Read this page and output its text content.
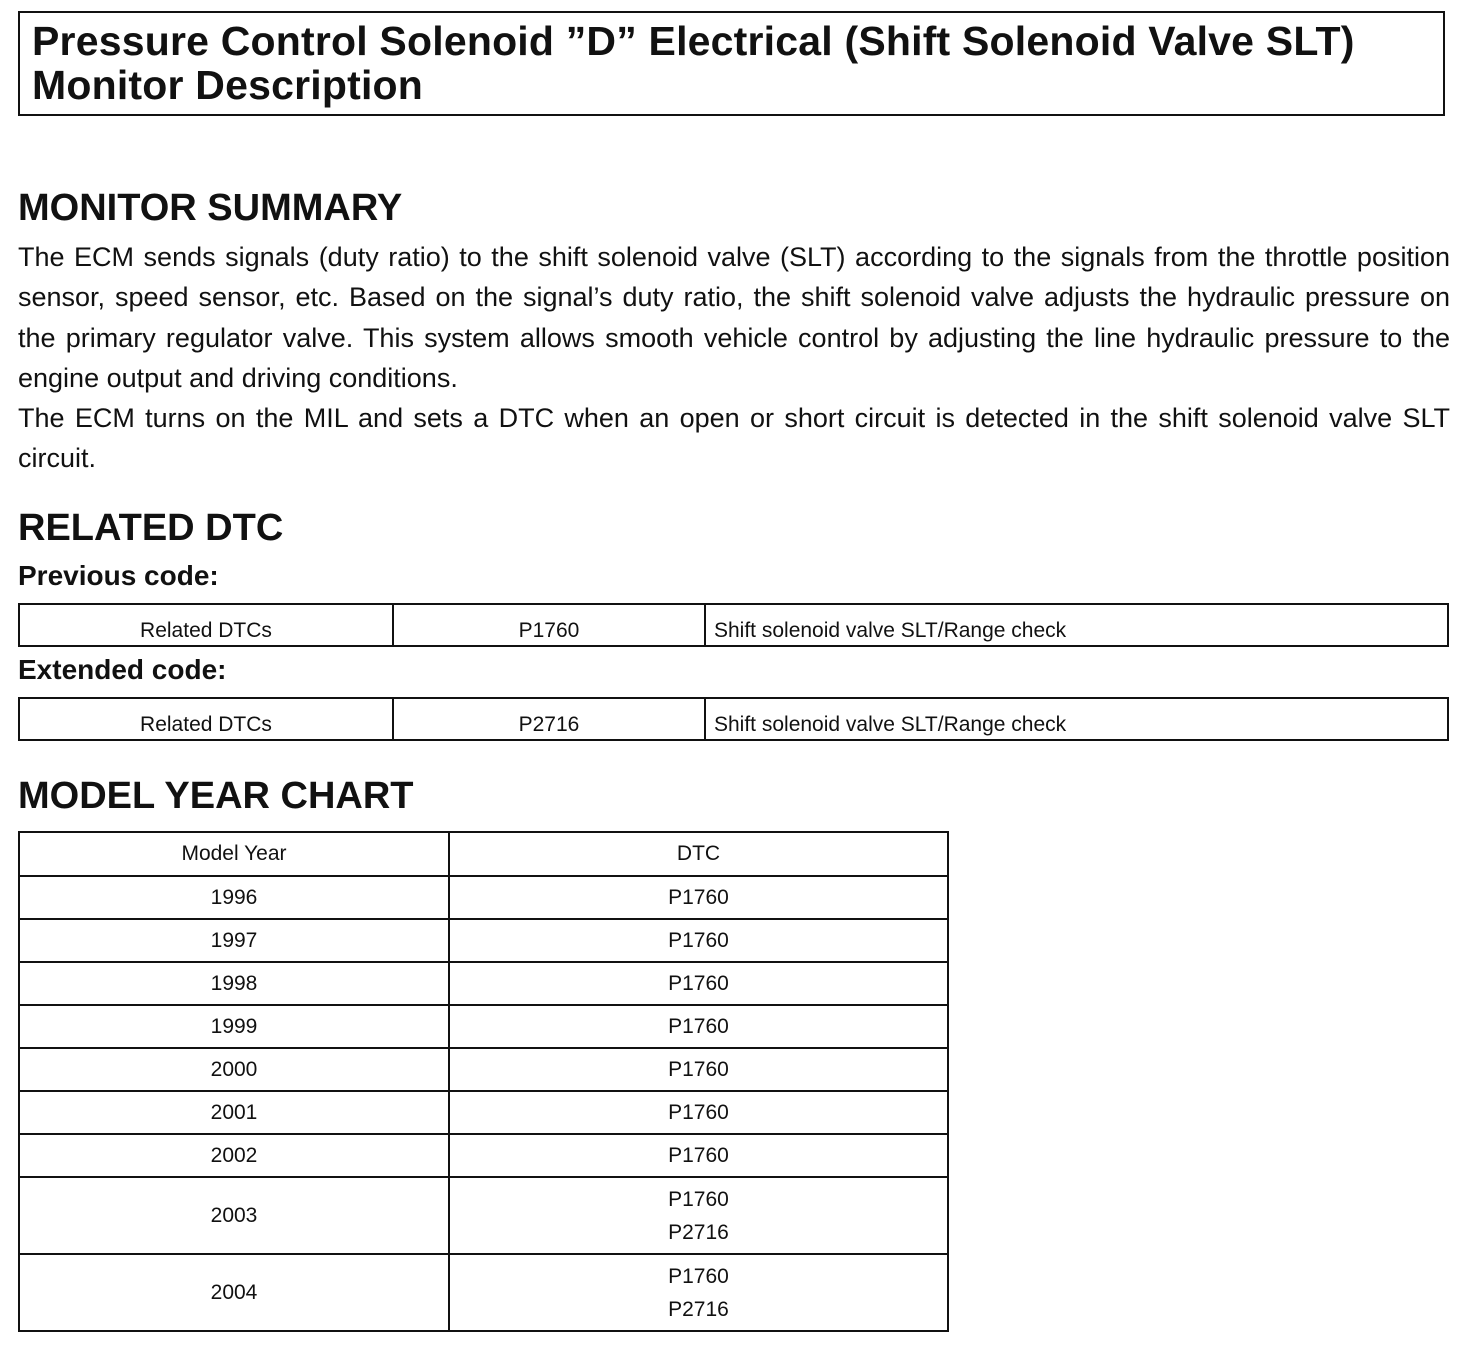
Pressure Control Solenoid ”D” Electrical (Shift Solenoid Valve SLT) Monitor Description
MONITOR SUMMARY

The ECM sends signals (duty ratio) to the shift solenoid valve (SLT) according to the signals from the throttle position sensor, speed sensor, etc. Based on the signal’s duty ratio, the shift solenoid valve adjusts the hydraulic pressure on the primary regulator valve. This system allows smooth vehicle control by adjusting the line hydraulic pressure to the engine output and driving conditions.

The ECM turns on the MIL and sets a DTC when an open or short circuit is detected in the shift solenoid valve SLT circuit.

RELATED DTC
Previous code:
Related DTCs	P1760	Shift solenoid valve SLT/Range check
Extended code:
Related DTCs	P2716	Shift solenoid valve SLT/Range check
MODEL YEAR CHART
Model Year	DTC
1996	P1760
1997	P1760
1998	P1760
1999	P1760
2000	P1760
2001	P1760
2002	P1760
2003	P1760
P2716

2004	P1760
P2716
